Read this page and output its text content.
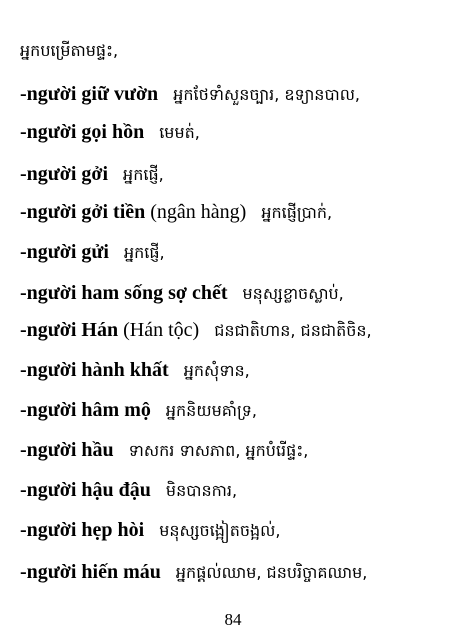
អ្នកបម្រើតាមផ្ទះ,
-người giữ vườn អ្នកថែទាំសួនច្បារ, ឧទ្យានបាល,
-người gọi hồn មេមត់,
-người gởi អ្នកផ្ញើ,
-người gởi tiền (ngân hàng) អ្នកផ្ញើប្រាក់,
-người gửi អ្នកផ្ញើ,
-người ham sống sợ chết មនុស្សខ្លាចស្លាប់,
-người Hán (Hán tộc) ជនជាតិហាន, ជនជាតិចិន,
-người hành khất អ្នកសុំទាន,
-người hâm mộ អ្នកនិយមគាំទ្រ,
-người hầu ទាសករ ទាសភាព, អ្នកបំរើផ្ទះ,
-người hậu đậu មិនបានការ,
-người hẹp hòi មនុស្សចង្អៀតចង្អល់,
-người hiến máu អ្នកផ្តល់ឈាម, ជនបរិច្ចាគឈាម,
84
